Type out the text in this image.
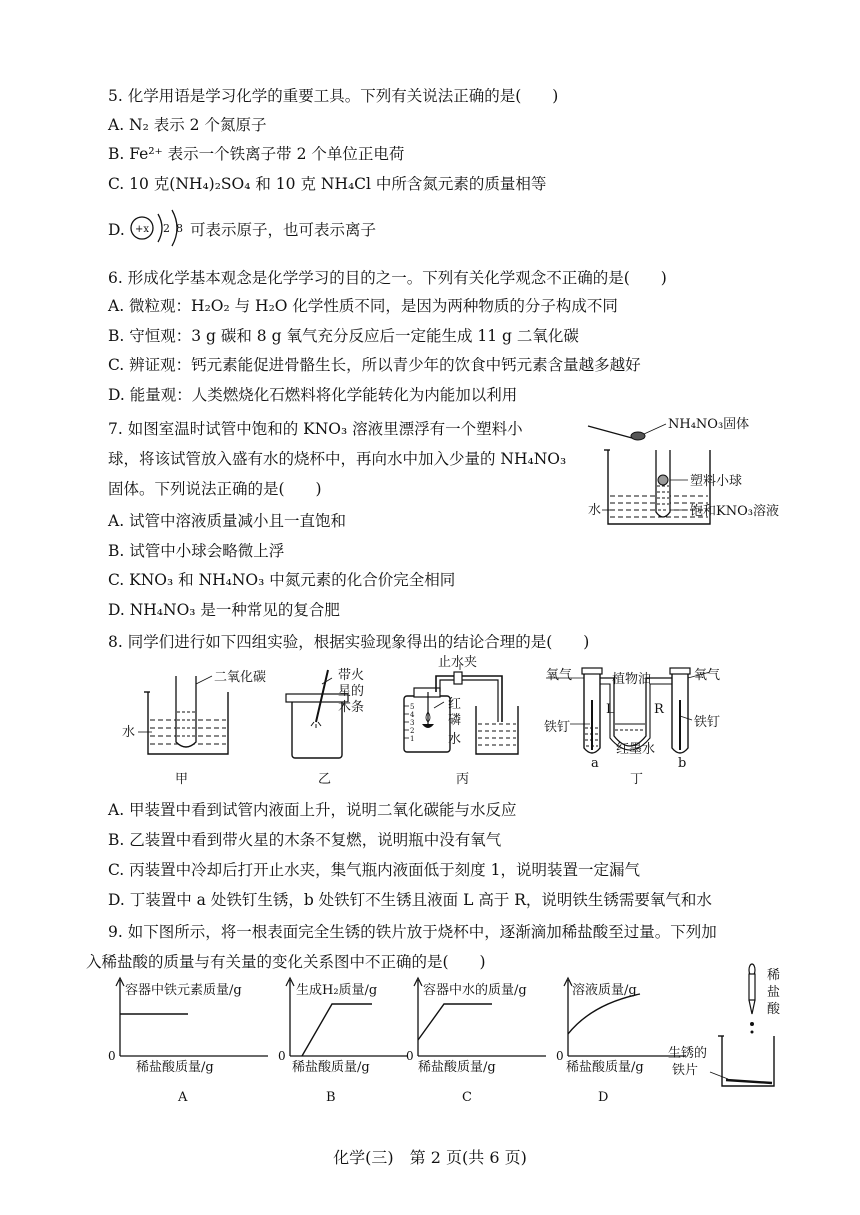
5. 化学用语是学习化学的重要工具。下列有关说法正确的是(　　)
A. N₂ 表示 2 个氮原子
B. Fe²⁺ 表示一个铁离子带 2 个单位正电荷
C. 10 克(NH₄)₂SO₄ 和 10 克 NH₄Cl 中所含氮元素的质量相等
D. +x 2 8 可表示原子，也可表示离子
6. 形成化学基本观念是化学学习的目的之一。下列有关化学观念不正确的是(　　)
A. 微粒观：H₂O₂ 与 H₂O 化学性质不同，是因为两种物质的分子构成不同
B. 守恒观：3 g 碳和 8 g 氧气充分反应后一定能生成 11 g 二氧化碳
C. 辨证观：钙元素能促进骨骼生长，所以青少年的饮食中钙元素含量越多越好
D. 能量观：人类燃烧化石燃料将化学能转化为内能加以利用
7. 如图室温时试管中饱和的 KNO₃ 溶液里漂浮有一个塑料小
球，将该试管放入盛有水的烧杯中，再向水中加入少量的 NH₄NO₃
固体。下列说法正确的是(　　)
A. 试管中溶液质量减小且一直饱和
B. 试管中小球会略微上浮
C. KNO₃ 和 NH₄NO₃ 中氮元素的化合价完全相同
D. NH₄NO₃ 是一种常见的复合肥
NH₄NO₃固体
塑料小球
水	饱和KNO₃溶液
8. 同学们进行如下四组实验，根据实验现象得出的结论合理的是(　　)
二氧化碳
水
甲
带火
星的
木条
乙
5
4
3
2
1
止水夹
红
磷
水
丙
氧气	植物油	氧气
L	R
铁钉	铁钉
红墨水
a	b
丁
A. 甲装置中看到试管内液面上升，说明二氧化碳能与水反应
B. 乙装置中看到带火星的木条不复燃，说明瓶中没有氧气
C. 丙装置中冷却后打开止水夹，集气瓶内液面低于刻度 1，说明装置一定漏气
D. 丁装置中 a 处铁钉生锈，b 处铁钉不生锈且液面 L 高于 R，说明铁生锈需要氧气和水
9. 如下图所示，将一根表面完全生锈的铁片放于烧杯中，逐渐滴加稀盐酸至过量。下列加
入稀盐酸的质量与有关量的变化关系图中不正确的是(　　)
0
容器中铁元素质量/g
稀盐酸质量/g
A
0
生成H₂质量/g
稀盐酸质量/g
B
0
容器中水的质量/g
稀盐酸质量/g
C
0
溶液质量/g
稀盐酸质量/g
D
稀
盐
酸
生锈的
铁片
化学(三)　第 2 页(共 6 页)
